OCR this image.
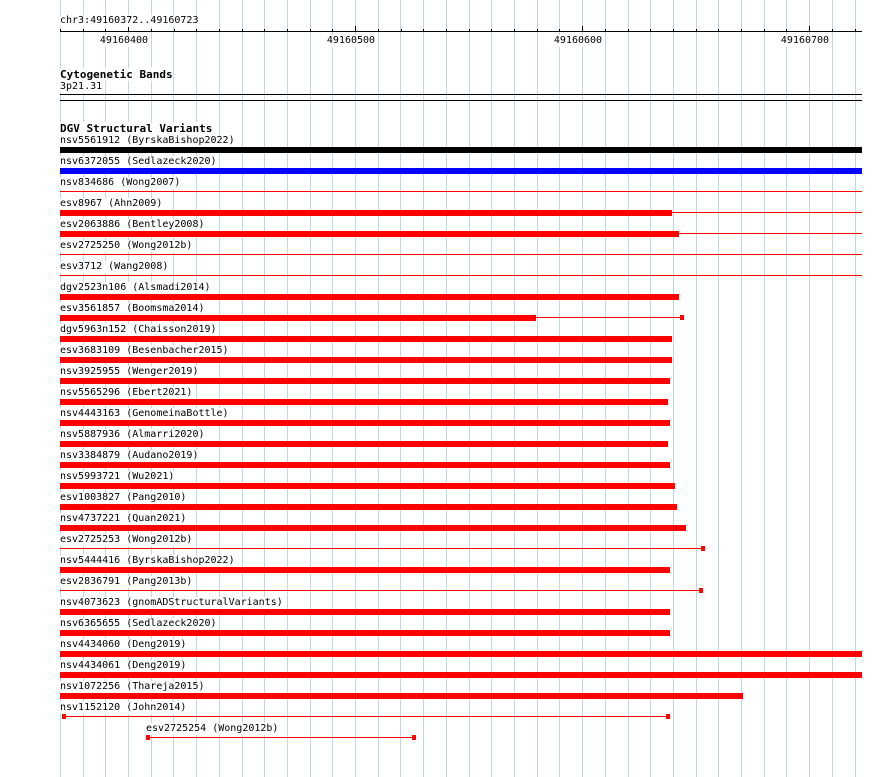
chr3:49160372..49160723
49160400	49160500	49160600	49160700
Cytogenetic Bands
3p21.31
DGV Structural Variants
nsv5561912 (ByrskaBishop2022)
nsv6372055 (Sedlazeck2020)
nsv834686 (Wong2007)
esv8967 (Ahn2009)
esv2063886 (Bentley2008)
esv2725250 (Wong2012b)
esv3712 (Wang2008)
dgv2523n106 (Alsmadi2014)
esv3561857 (Boomsma2014)
dgv5963n152 (Chaisson2019)
esv3683109 (Besenbacher2015)
nsv3925955 (Wenger2019)
nsv5565296 (Ebert2021)
nsv4443163 (GenomeinaBottle)
nsv5887936 (Almarri2020)
nsv3384879 (Audano2019)
nsv5993721 (Wu2021)
esv1003827 (Pang2010)
nsv4737221 (Quan2021)
esv2725253 (Wong2012b)
nsv5444416 (ByrskaBishop2022)
esv2836791 (Pang2013b)
nsv4073623 (gnomADStructuralVariants)
nsv6365655 (Sedlazeck2020)
nsv4434060 (Deng2019)
nsv4434061 (Deng2019)
nsv1072256 (Thareja2015)
nsv1152120 (John2014)
esv2725254 (Wong2012b)
